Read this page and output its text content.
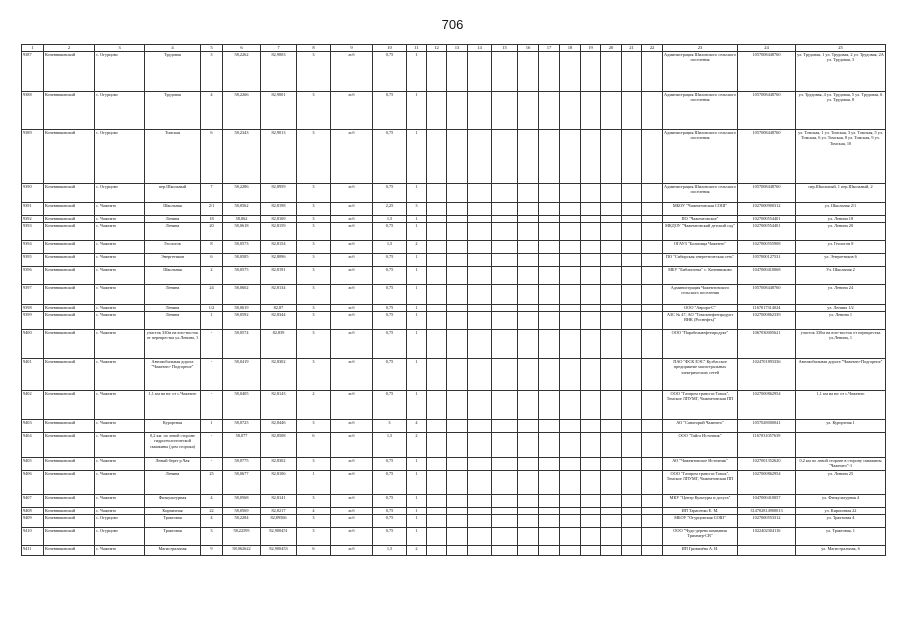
706
1	2	3	4	5	6	7	8	9	10	11	12	13	14	15	16	17	18	19	20	21	22	23	24	25
9387	Кочевниковский	с. Огурцово	Трудовая	3	58,2262	82,9003	3	асб	0,75	1												Администрация Шиловского сельского поселения	1057008448760	ул. Трудовая, 1 ул. Трудовая, 2 ул. Трудовая, 2А ул. Трудовая, 3
9388	Кочевниковский	с. Огурцово	Трудовая	4	58,2266	82,9001	3	асб	0,75	1												Администрация Шиловского сельского поселения	1057008448760	ул. Трудовая, 4 ул. Трудовая, 5 ул. Трудовая, 6 ул. Трудовая, 8
9389	Кочевниковский	с. Огурцово	Томская	6	58,2343	82,9013	3	асб	0,75	1												Администрация Шиловского сельского поселения	1057008448760	ул. Томская, 1 ул. Томская, 3 ул. Томская, 5 ул. Томская, 6 ул. Томская, 8 ул. Томская, 9 ул. Томская, 10
9390	Кочевниковский	с. Огурцово	пер.Школьный	7	58,2286	82,8959	3	асб	0,75	1												Администрация Шиловского сельского поселения	1057008448760	пер.Школьный, 1 пер.Школьный, 2
9391	Кочевниковский	с. Чажемто	Школьная	2/1	58,0562	82,8198	3	асб	2,25	3												МБОУ "Чажемтовская СОШ"	1027000900312	ул. Школьная 2/1
9392	Кочевниковский	с. Чажемто	Ленина	18	58,062	82,8169	3	асб	1,5	1												ПО "Чажемтовское"	1027000554401	ул. Ленина 18
9393	Кочевниковский	с. Чажемто	Ленина	20	58,0618	82,8159	3	асб	0,75	1												МКДОУ "Чажемтовский детский сад"	1027000554401	ул. Ленина 20
9394	Кочевниковский	с. Чажемто	Геологов	8	58,0573	82,8154	3	асб	1,5	2												ОГАУЗ "Больница Чажемто"	1027000555908	ул. Геологов 8
9395	Кочевниковский	с. Чажемто	Энергетиков	6	58,0585	82,8096	3	асб	0,75	1												ПО "Сибирская энергетическая сеть"	1057000127531	ул. Энергетиков 6
9396	Кочевниковский	с. Чажемто	Школьная	2	58,0575	82,8191	3	асб	0,75	1												МБУ "Библиотека" с. Кочевниково	1047000410068	Ул. Школьная 2
9397	Кочевниковский	с. Чажемто	Ленина	24	58,0602	82,8134	3	асб	0,75	1												Администрация Чажемтовского сельского поселения	1057008448760	ул. Ленина 24
9398	Кочевниковский	с. Чажемто	Ленина	1/2	58,0619	82,87	3	асб	0,75	1												ООО "Аврора-С"	1167017314024	ул. Ленина 1/2
9399	Кочевниковский	с. Чажемто	Ленина	1	58,0592	82,8344	3	асб	0,75	1												АЗС № 47, АО "Томскнефтепродукт ВНК (Роснефть)"	1027000862339	ул. Ленина 1
9400	Кочевниковский	с. Чажемто	участок 330м на юго-восток от перекрестка ул.Ленина, 1	-	58,0574	82,839	3	асб	0,75	1												ООО "Парабельнефтепродукт"	1067030005621	участок 330м на юго-восток от перекрестка ул.Ленина, 1
9401	Кочевниковский	с. Чажемто	Автомобильная дорога "Чажемто- Подгорное"	-	58,0419	82,8302	3	асб	0,75	1												ПАО "ФСК ЕЭС" Кузбасское предприятие магистральных электрических сетей	1024701893336	Автомобильная дорога "Чажемто-Подгорное"
9402	Кочевниковский	с. Чажемто	1,1 км на юг от с.Чажемто	-	58,0405	82,8143	2	асб	0,75	1												ООО "Газпром трансгаз Томск", Томское ЛПУМГ, Чажемтовская ПП	1027000862954	1,1 км на юг от с.Чажемто
9403	Кочевниковский	с. Чажемто	Курортная	1	58,0725	82,8446	3	асб	3	4												АО "Санаторий Чажемто"	1057028000041	ул. Курортная 1
9404	Кочевниковский	с. Чажемто	0,2 км. по левой стороне гидрогеологической скважины (дом сторожа)	-	58,077	82,8508	6	асб	1,5	2												ООО "Тайга Источник"	1167031057639	
9405	Кочевниковский	с. Чажемто	Левый берег р.Чая	-	58,0775	82,8302	3	асб	0,75	1												АО "Чажемтовское Источник"	1027001352620	0,2 км по левой стороне в сторону скважины "Чажемто"-1
9406	Кочевниковский	с. Чажемто	Ленина	25	58,0677	82,8106	1	асб	0,75	1												ООО "Газпром трансгаз Томск", Томское ЛПУМГ, Чажемтовская ПП	1027000862954	ул. Ленина 25
9407	Кочевниковский	с. Чажемто	Физкультурная	4	58,0568	82,8141	3	асб	0,75	1												МКУ "Центр Культуры и досуга"	1047000410057	ул. Физкультурная 4
9408	Кочевниковский	с. Чажемто	Кирпичная	22	58,0569	82,8217	4	асб	0,75	1												ИП Тарасенко Е. М.	314702814900013	ул. Кирпичная 22
9409	Кочевниковский	с. Огурцово	Трактовая	4	58,2284	82,89566	3	асб	0,75	1												МБОУ "Огурцовская СОШ"	1027000553312	ул. Трактовая 4
9410	Кочевниковский	с. Огурцово	Трактовая	3	58,22595	82,900451	3	асб	0,75	1												ООО "Чудо-дерево компания Триммер-СВ"	1022402304116	ул. Трактовая, 1
9411	Кочевниковский	с. Чажемто	Магистральная	9	58,062622	82,900453	6	асб	1,5	2												ИП Гривилёва А. И.		ул. Магистральная, 6
